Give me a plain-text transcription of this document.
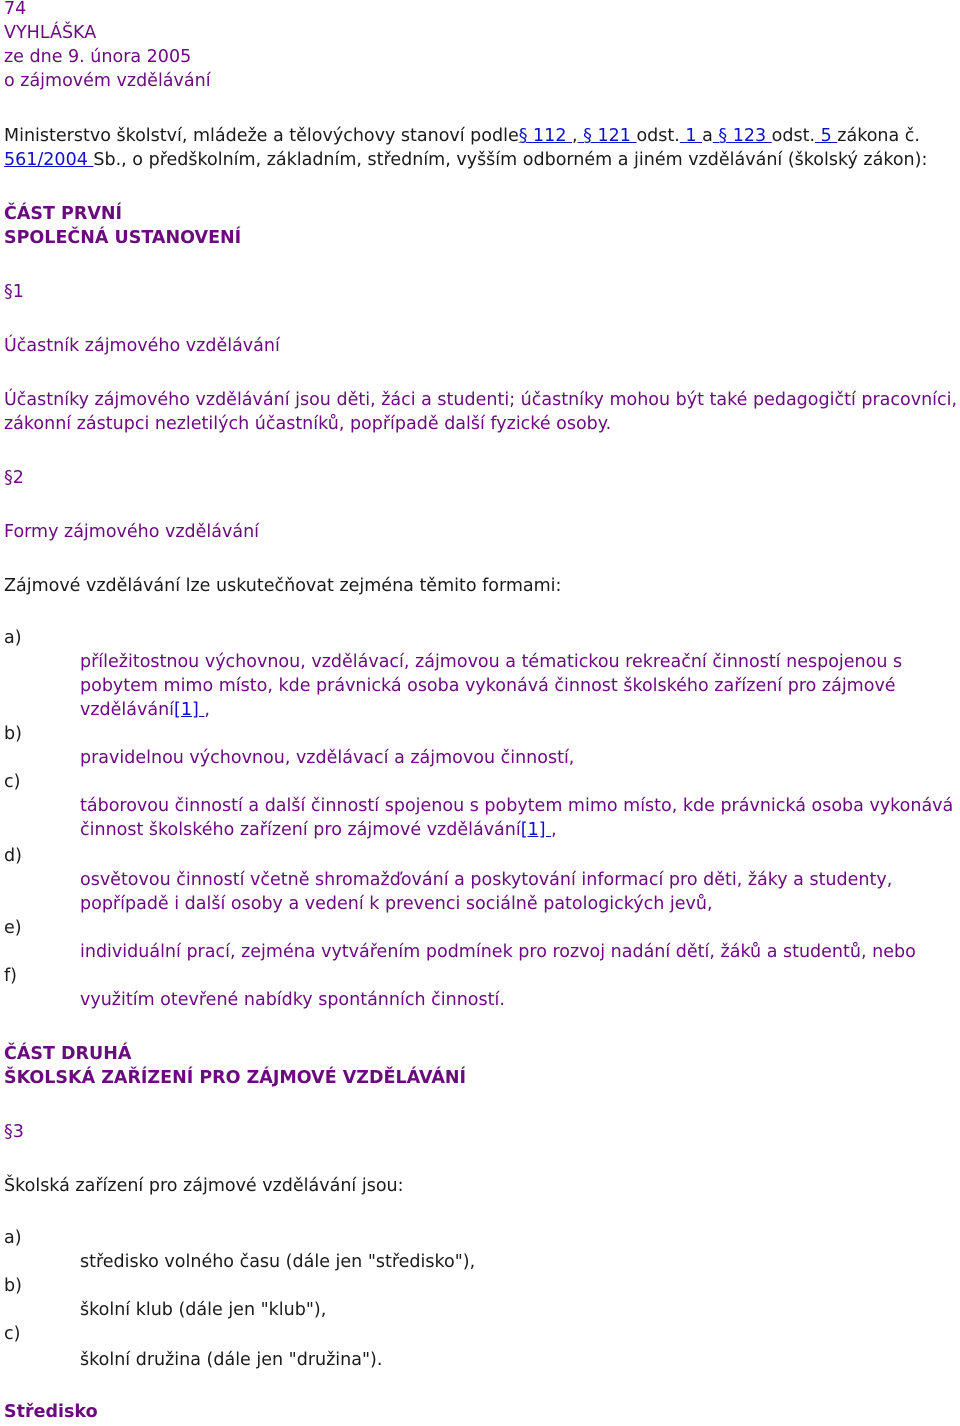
74
VYHLÁŠKA
ze dne 9. února 2005
o zájmovém vzdělávání
Ministerstvo školství, mládeže a tělovýchovy stanoví podle§ 112 , § 121 odst. 1 a § 123 odst. 5 zákona č.
561/2004 Sb., o předškolním, základním, středním, vyšším odborném a jiném vzdělávání (školský zákon):
ČÁST PRVNÍ
SPOLEČNÁ USTANOVENÍ
§1
Účastník zájmového vzdělávání
Účastníky zájmového vzdělávání jsou děti, žáci a studenti; účastníky mohou být také pedagogičtí pracovníci,
zákonní zástupci nezletilých účastníků, popřípadě další fyzické osoby.
§2
Formy zájmového vzdělávání
Zájmové vzdělávání lze uskutečňovat zejména těmito formami:
a)
b)
c)
d)
e)
f)
příležitostnou výchovnou, vzdělávací, zájmovou a tématickou rekreační činností nespojenou s
pobytem mimo místo, kde právnická osoba vykonává činnost školského zařízení pro zájmové
vzdělávání[1] ,
pravidelnou výchovnou, vzdělávací a zájmovou činností,
táborovou činností a další činností spojenou s pobytem mimo místo, kde právnická osoba vykonává
činnost školského zařízení pro zájmové vzdělávání[1] ,
osvětovou činností včetně shromažďování a poskytování informací pro děti, žáky a studenty,
popřípadě i další osoby a vedení k prevenci sociálně patologických jevů,
individuální prací, zejména vytvářením podmínek pro rozvoj nadání dětí, žáků a studentů, nebo
využitím otevřené nabídky spontánních činností.
ČÁST DRUHÁ
ŠKOLSKÁ ZAŘÍZENÍ PRO ZÁJMOVÉ VZDĚLÁVÁNÍ
§3
Školská zařízení pro zájmové vzdělávání jsou:
a)
b)
c)
středisko volného času (dále jen "středisko"),
školní klub (dále jen "klub"),
školní družina (dále jen "družina").
Středisko
